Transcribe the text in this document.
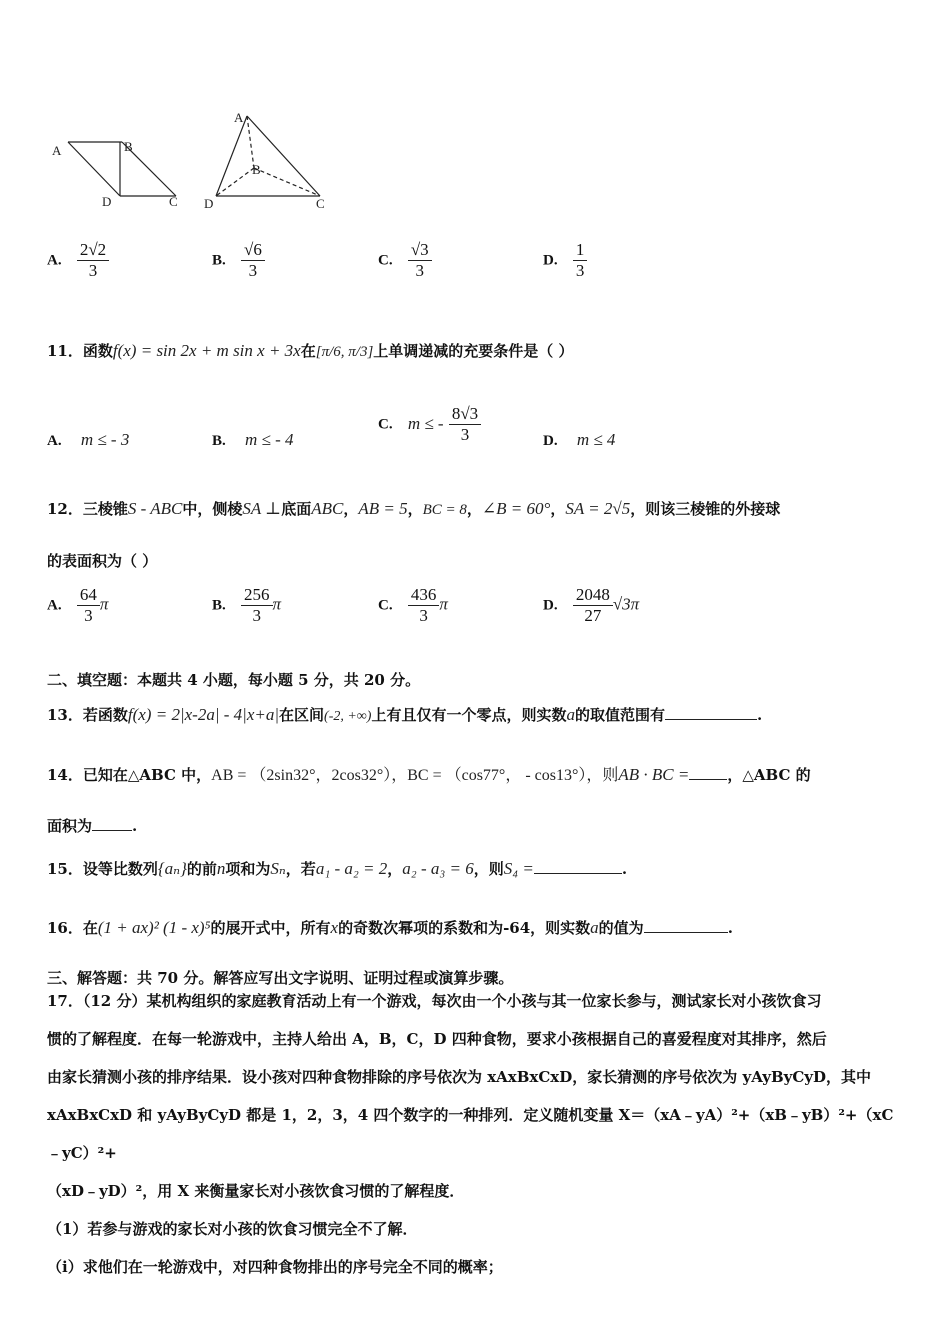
A	B
D	C
A
B
D	C
A. $\frac{2√2}{3}$	B. $\frac{√6}{3}$	C. $\frac{√3}{3}$	D. $\frac{1}{3}$
11．函数f(x) = sin 2x + m sin x + 3x在[π/6, π/3]上单调递减的充要条件是（ ）
A. m ≤ - 3	B. m ≤ - 4
C. m ≤ - $\frac{8√3}{3}$	D. m ≤ 4
12．三棱锥S - ABC中，侧棱SA ⊥底面ABC，AB = 5，BC = 8，∠B = 60°，SA = 2√5，则该三棱锥的外接球
的表面积为（ ）
A. $\frac{64}{3}$ π	B. $\frac{256}{3}$ π	C. $\frac{436}{3}$ π	D. $\frac{2048}{27} √3\pi$
二、填空题：本题共 4 小题，每小题 5 分，共 20 分。
13．若函数f(x) = 2|x-2a| - 4|x+a|在区间(-2, +∞)上有且仅有一个零点，则实数a的取值范围有	.
14．已知在△ABC 中，AB = （2sin32°，2cos32°），BC = （cos77°， - cos13°），则AB · BC =	，△ABC 的
面积为	.
15．设等比数列{aₙ}的前n项和为Sₙ，若a₁ - a₂ = 2，a₂ - a₃ = 6，则S₄ =	.
16．在(1 + ax)² (1 - x)⁵的展开式中，所有x的奇数次幂项的系数和为-64，则实数a的值为	.
三、解答题：共 70 分。解答应写出文字说明、证明过程或演算步骤。
17．（12 分）某机构组织的家庭教育活动上有一个游戏，每次由一个小孩与其一位家长参与，测试家长对小孩饮食习
惯的了解程度．在每一轮游戏中，主持人给出 A，B，C，D 四种食物，要求小孩根据自己的喜爱程度对其排序，然后
由家长猜测小孩的排序结果．设小孩对四种食物排除的序号依次为 xAxBxCxD，家长猜测的序号依次为 yAyByCyD，其中
xAxBxCxD 和 yAyByCyD 都是 1，2，3，4 四个数字的一种排列．定义随机变量 X＝（xA﹣yA）²+（xB﹣yB）²+（xC﹣yC）²+
（xD﹣yD）²，用 X 来衡量家长对小孩饮食习惯的了解程度．
（1）若参与游戏的家长对小孩的饮食习惯完全不了解．
（ⅰ）求他们在一轮游戏中，对四种食物排出的序号完全不同的概率；
